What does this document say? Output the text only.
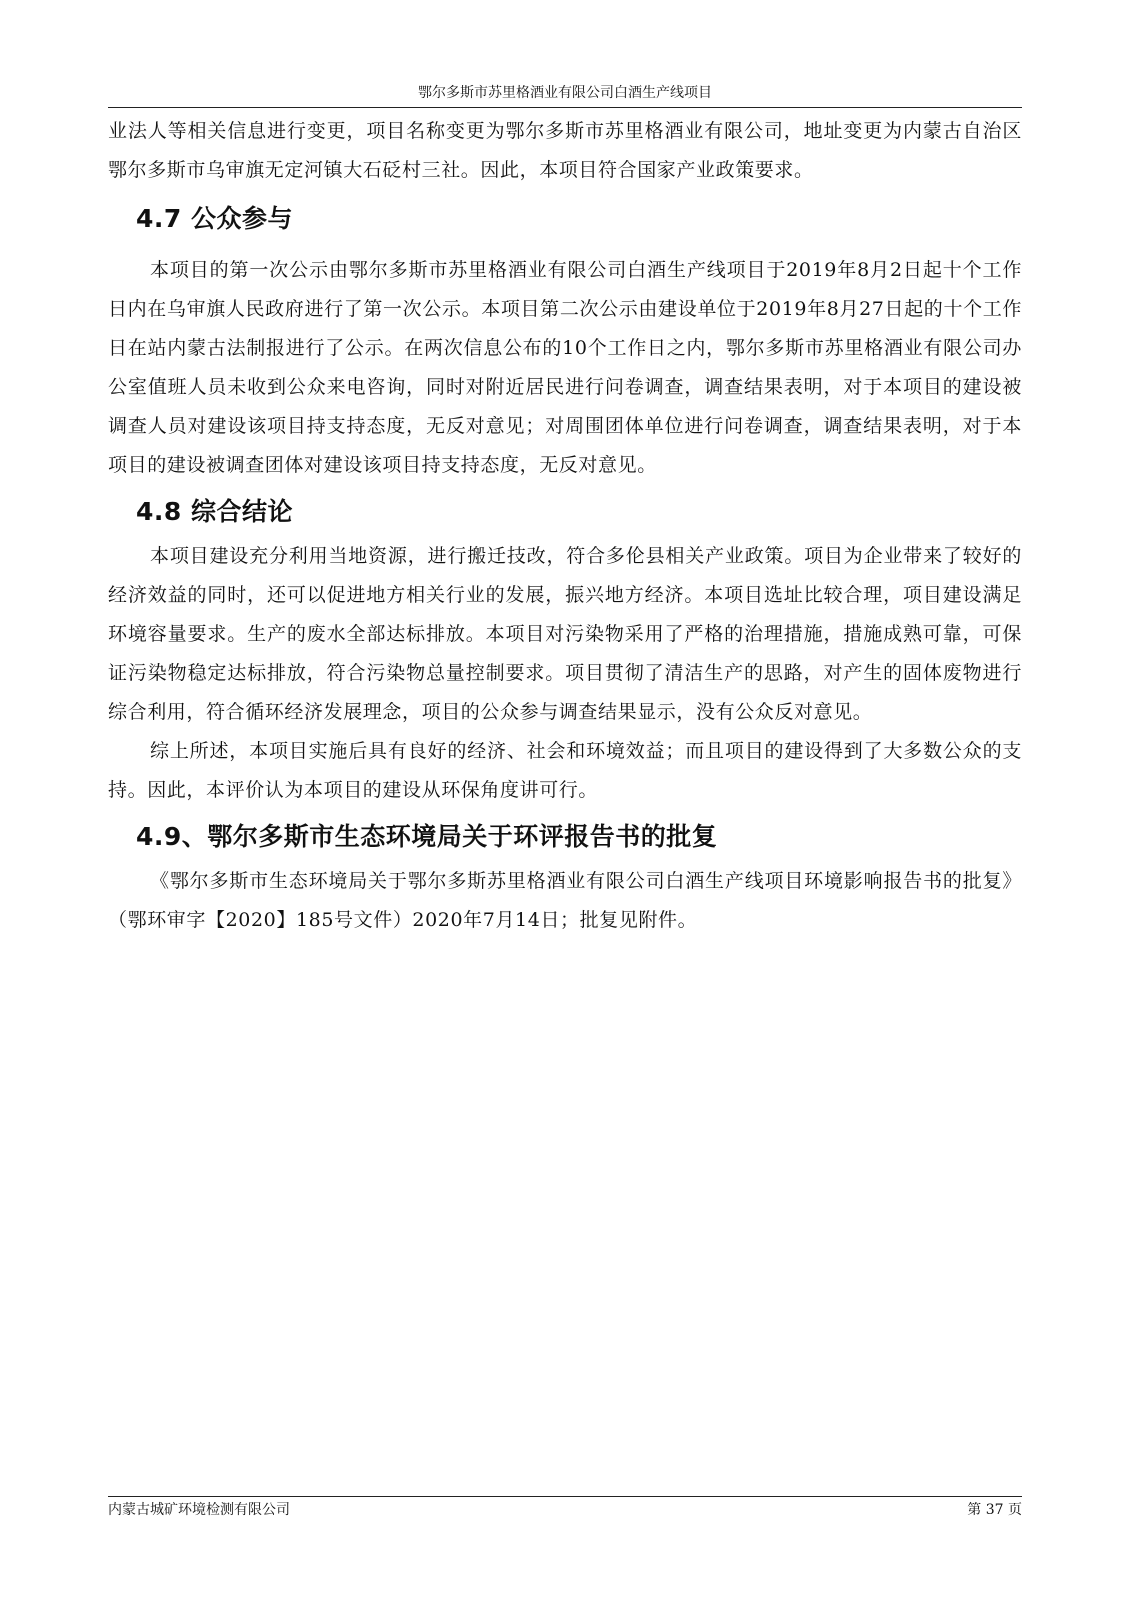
鄂尔多斯市苏里格酒业有限公司白酒生产线项目

业法人等相关信息进行变更，项目名称变更为鄂尔多斯市苏里格酒业有限公司，地址变更为内蒙古自治区鄂尔多斯市乌审旗无定河镇大石砭村三社。因此，本项目符合国家产业政策要求。

4.7 公众参与

本项目的第一次公示由鄂尔多斯市苏里格酒业有限公司白酒生产线项目于2019年8月2日起十个工作日内在乌审旗人民政府进行了第一次公示。本项目第二次公示由建设单位于2019年8月27日起的十个工作日在站内蒙古法制报进行了公示。在两次信息公布的10个工作日之内，鄂尔多斯市苏里格酒业有限公司办公室值班人员未收到公众来电咨询，同时对附近居民进行问卷调查，调查结果表明，对于本项目的建设被调查人员对建设该项目持支持态度，无反对意见；对周围团体单位进行问卷调查，调查结果表明，对于本项目的建设被调查团体对建设该项目持支持态度，无反对意见。

4.8 综合结论

本项目建设充分利用当地资源，进行搬迁技改，符合多伦县相关产业政策。项目为企业带来了较好的经济效益的同时，还可以促进地方相关行业的发展，振兴地方经济。本项目选址比较合理，项目建设满足环境容量要求。生产的废水全部达标排放。本项目对污染物采用了严格的治理措施，措施成熟可靠，可保证污染物稳定达标排放，符合污染物总量控制要求。项目贯彻了清洁生产的思路，对产生的固体废物进行综合利用，符合循环经济发展理念，项目的公众参与调查结果显示，没有公众反对意见。

综上所述，本项目实施后具有良好的经济、社会和环境效益；而且项目的建设得到了大多数公众的支持。因此，本评价认为本项目的建设从环保角度讲可行。

4.9、鄂尔多斯市生态环境局关于环评报告书的批复

《鄂尔多斯市生态环境局关于鄂尔多斯苏里格酒业有限公司白酒生产线项目环境影响报告书的批复》（鄂环审字【2020】185号文件）2020年7月14日；批复见附件。

内蒙古城矿环境检测有限公司	第 37 页
